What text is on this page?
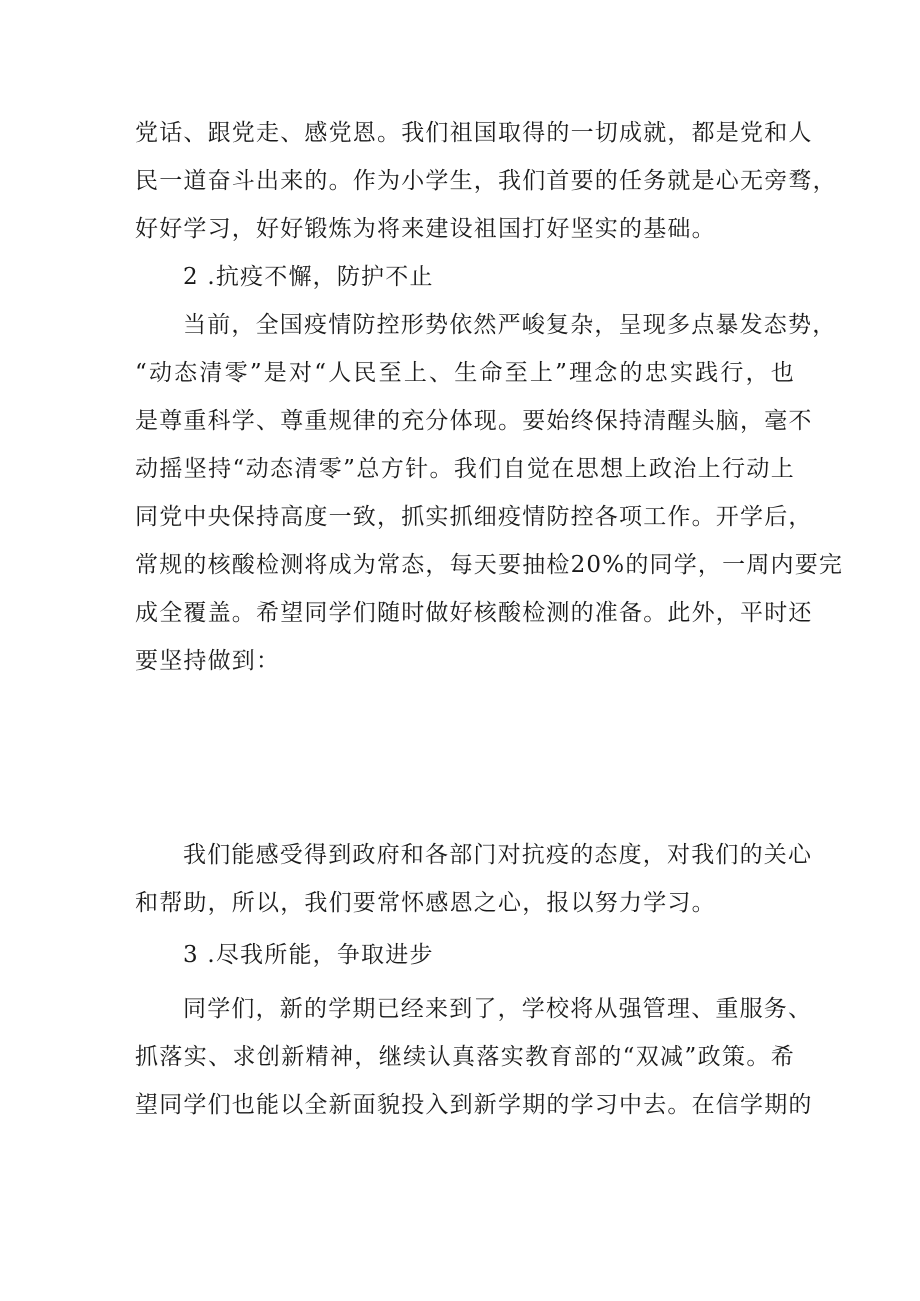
党话、跟党走、感党恩。我们祖国取得的一切成就，都是党和人

民一道奋斗出来的。作为小学生，我们首要的任务就是心无旁骛，

好好学习，好好锻炼为将来建设祖国打好坚实的基础。

2 .抗疫不懈，防护不止

当前，全国疫情防控形势依然严峻复杂，呈现多点暴发态势，

“动态清零”是对“人民至上、生命至上”理念的忠实践行，也

是尊重科学、尊重规律的充分体现。要始终保持清醒头脑，毫不

动摇坚持“动态清零”总方针。我们自觉在思想上政治上行动上

同党中央保持高度一致，抓实抓细疫情防控各项工作。开学后，

常规的核酸检测将成为常态，每天要抽检20%的同学，一周内要完

成全覆盖。希望同学们随时做好核酸检测的准备。此外，平时还

要坚持做到：

我们能感受得到政府和各部门对抗疫的态度，对我们的关心

和帮助，所以，我们要常怀感恩之心，报以努力学习。

3 .尽我所能，争取进步

同学们，新的学期已经来到了，学校将从强管理、重服务、

抓落实、求创新精神，继续认真落实教育部的“双减”政策。希

望同学们也能以全新面貌投入到新学期的学习中去。在信学期的
